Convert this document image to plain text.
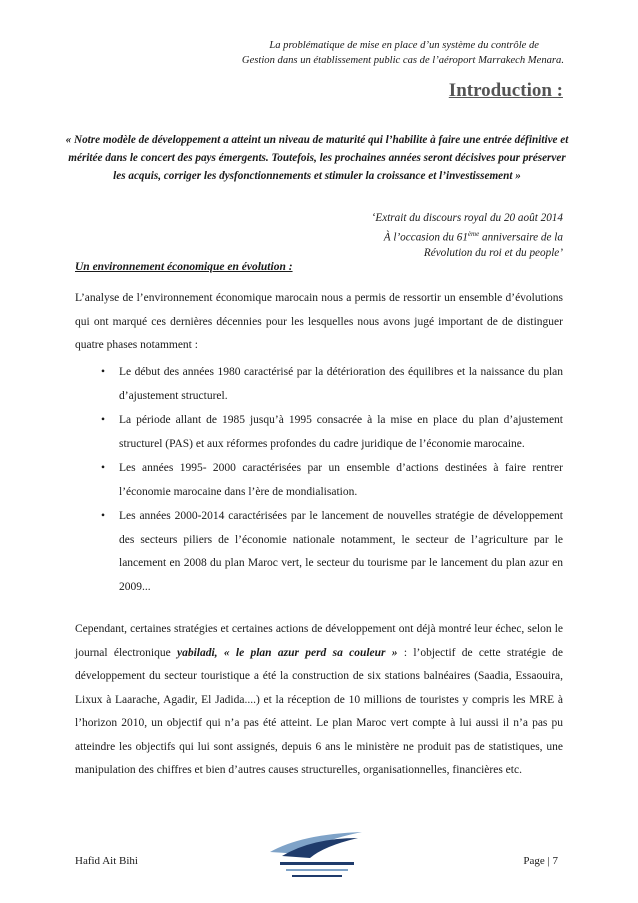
La problématique de mise en place d’un système du contrôle de
Gestion dans un établissement public cas de l’aéroport Marrakech Menara.
Introduction :
« Notre modèle de développement a atteint un niveau de maturité qui l’habilite à faire une entrée définitive et méritée dans le concert des pays émergents. Toutefois, les prochaines années seront décisives pour préserver les acquis, corriger les dysfonctionnements et stimuler la croissance et l’investissement »
‘Extrait du discours royal du 20 août 2014
À l’occasion du 61ème anniversaire de la
Révolution du roi et du people’
Un environnement économique en évolution :
L’analyse de l’environnement économique marocain nous a permis de ressortir un ensemble d’évolutions qui ont marqué ces dernières décennies pour les lesquelles nous avons jugé important de de distinguer quatre phases notamment :
• Le début des années 1980 caractérisé par la détérioration des équilibres et la naissance du plan d’ajustement structurel.
• La période allant de 1985 jusqu’à 1995 consacrée à la mise en place du plan d’ajustement structurel (PAS) et aux réformes profondes du cadre juridique de l’économie marocaine.
• Les années 1995- 2000 caractérisées par un ensemble d’actions destinées à faire rentrer l’économie marocaine dans l’ère de mondialisation.
• Les années 2000-2014 caractérisées par le lancement de nouvelles stratégie de développement des secteurs piliers de l’économie nationale notamment, le secteur de l’agriculture par le lancement en 2008 du plan Maroc vert, le secteur du tourisme par le lancement du plan azur en 2009...
Cependant, certaines stratégies et certaines actions de développement ont déjà montré leur échec, selon le journal électronique yabiladi, « le plan azur perd sa couleur » : l’objectif de cette stratégie de développement du secteur touristique a été la construction de six stations balnéaires (Saadia, Essaouira, Lixux à Laarache, Agadir, El Jadida....) et la réception de 10 millions de touristes y compris les MRE à l’horizon 2010, un objectif qui n’a pas été atteint. Le plan Maroc vert compte à lui aussi il n’a pas pu atteindre les objectifs qui lui sont assignés, depuis 6 ans le ministère ne produit pas de statistiques, une manipulation des chiffres et bien d’autres causes structurelles, organisationnelles, financières etc.
Hafid Ait Bihi	Page | 7
